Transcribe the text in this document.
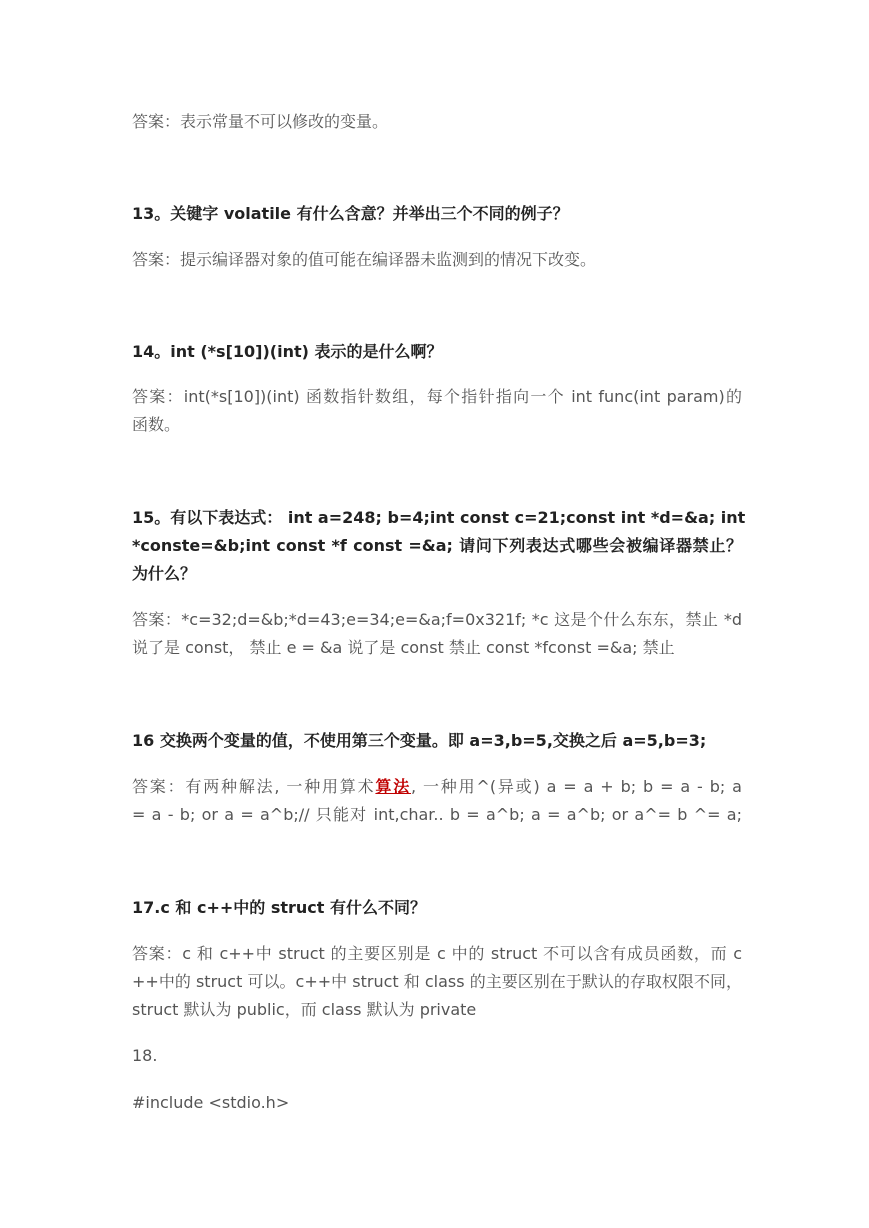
答案：表示常量不可以修改的变量。
13。关键字 volatile 有什么含意？并举出三个不同的例子？
答案：提示编译器对象的值可能在编译器未监测到的情况下改变。
14。int (*s[10])(int) 表示的是什么啊？
答案：int(*s[10])(int) 函数指针数组，每个指针指向一个 int func(int param)的
函数。
15。有以下表达式： int a=248; b=4;int const c=21;const int *d=&a; int
*conste=&b;int const *f const =&a; 请问下列表达式哪些会被编译器禁止？
为什么？
答案：*c=32;d=&b;*d=43;e=34;e=&a;f=0x321f; *c 这是个什么东东，禁止 *d
说了是 const， 禁止 e = &a 说了是 const 禁止 const *fconst =&a; 禁止
16 交换两个变量的值，不使用第三个变量。即 a=3,b=5,交换之后 a=5,b=3;
答案：有两种解法, 一种用算术算法, 一种用^(异或) a = a + b; b = a - b; a
= a - b; or a = a^b;// 只能对 int,char.. b = a^b; a = a^b; or a^= b ^= a;
17.c 和 c++中的 struct 有什么不同？
答案：c 和 c++中 struct 的主要区别是 c 中的 struct 不可以含有成员函数，而 c
++中的 struct 可以。c++中 struct 和 class 的主要区别在于默认的存取权限不同，
struct 默认为 public，而 class 默认为 private
18.
#include <stdio.h>
